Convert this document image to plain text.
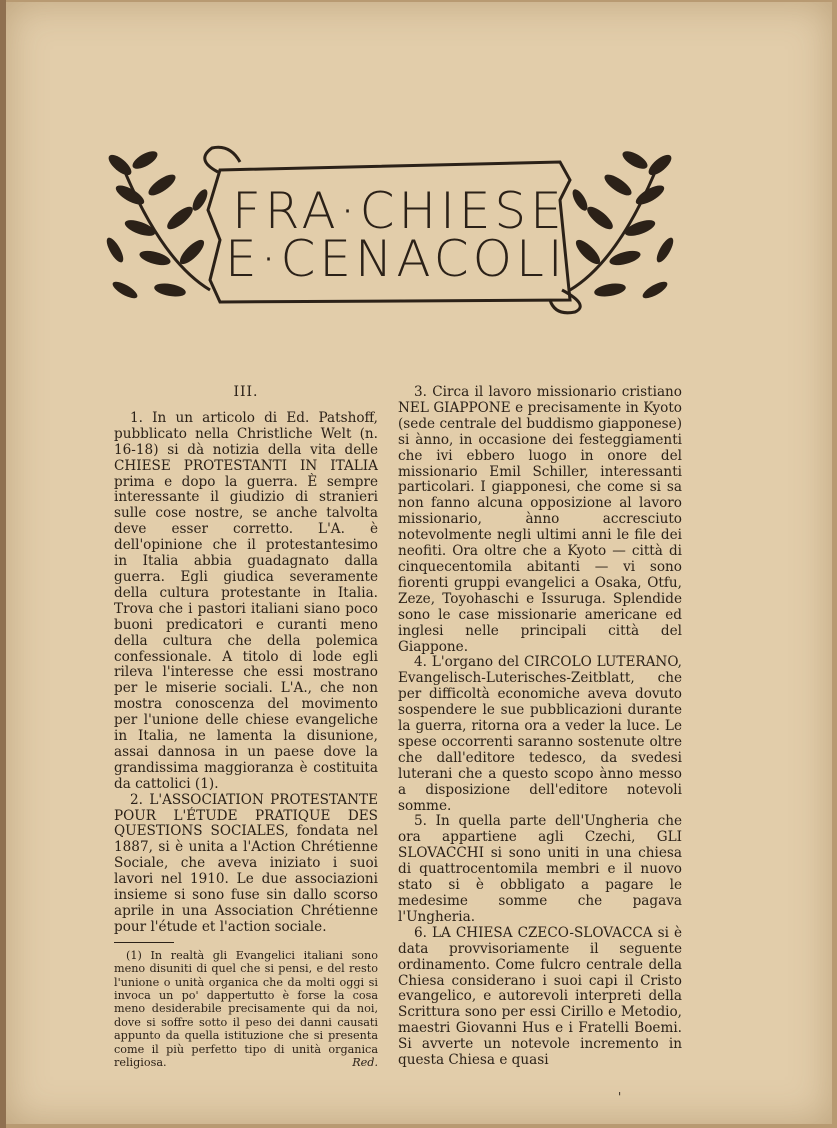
FRA·CHIESE
E·CENACOLI
III.

1. In un articolo di Ed. Patshoff, pubblicato nella Christliche Welt (n. 16-18) si dà notizia della vita delle CHIESE PROTESTANTI IN ITALIA prima e dopo la guerra. È sempre interessante il giudizio di stranieri sulle cose nostre, se anche talvolta deve esser corretto. L'A. è dell'opinione che il protestantesimo in Italia abbia guadagnato dalla guerra. Egli giudica severamente della cultura protestante in Italia. Trova che i pastori italiani siano poco buoni predicatori e curanti meno della cultura che della polemica confessionale. A titolo di lode egli rileva l'interesse che essi mostrano per le miserie sociali. L'A., che non mostra conoscenza del movimento per l'unione delle chiese evangeliche in Italia, ne lamenta la disunione, assai dannosa in un paese dove la grandissima maggioranza è costituita da cattolici (1).

2. L'ASSOCIATION PROTESTANTE POUR L'ÉTUDE PRATIQUE DES QUESTIONS SOCIALES, fondata nel 1887, si è unita a l'Action Chrétienne Sociale, che aveva iniziato i suoi lavori nel 1910. Le due associazioni insieme si sono fuse sin dallo scorso aprile in una Association Chrétienne pour l'étude et l'action sociale.

(1) In realtà gli Evangelici italiani sono meno disuniti di quel che si pensi, e del resto l'unione o unità organica che da molti oggi si invoca un po' dappertutto è forse la cosa meno desiderabile precisamente qui da noi, dove si soffre sotto il peso dei danni causati appunto da quella istituzione che si presenta come il più perfetto tipo di unità organica religiosa.	Red.

3. Circa il lavoro missionario cristiano NEL GIAPPONE e precisamente in Kyoto (sede centrale del buddismo giapponese) si ànno, in occasione dei festeggiamenti che ivi ebbero luogo in onore del missionario Emil Schiller, interessanti particolari. I giapponesi, che come si sa non fanno alcuna opposizione al lavoro missionario, ànno accresciuto notevolmente negli ultimi anni le file dei neofiti. Ora oltre che a Kyoto — città di cinquecentomila abitanti — vi sono fiorenti gruppi evangelici a Osaka, Otfu, Zeze, Toyohaschi e Issuruga. Splendide sono le case missionarie americane ed inglesi nelle principali città del Giappone.

4. L'organo del CIRCOLO LUTERANO, Evangelisch-Luterisches-Zeitblatt, che per difficoltà economiche aveva dovuto sospendere le sue pubblicazioni durante la guerra, ritorna ora a veder la luce. Le spese occorrenti saranno sostenute oltre che dall'editore tedesco, da svedesi luterani che a questo scopo ànno messo a disposizione dell'editore notevoli somme.

5. In quella parte dell'Ungheria che ora appartiene agli Czechi, GLI SLOVACCHI si sono uniti in una chiesa di quattrocentomila membri e il nuovo stato si è obbligato a pagare le medesime somme che pagava l'Ungheria.

6. LA CHIESA CZECO-SLOVACCA si è data provvisoriamente il seguente ordinamento. Come fulcro centrale della Chiesa considerano i suoi capi il Cristo evangelico, e autorevoli interpreti della Scrittura sono per essi Cirillo e Metodio, maestri Giovanni Hus e i Fratelli Boemi. Si avverte un notevole incremento in questa Chiesa e quasi

'
